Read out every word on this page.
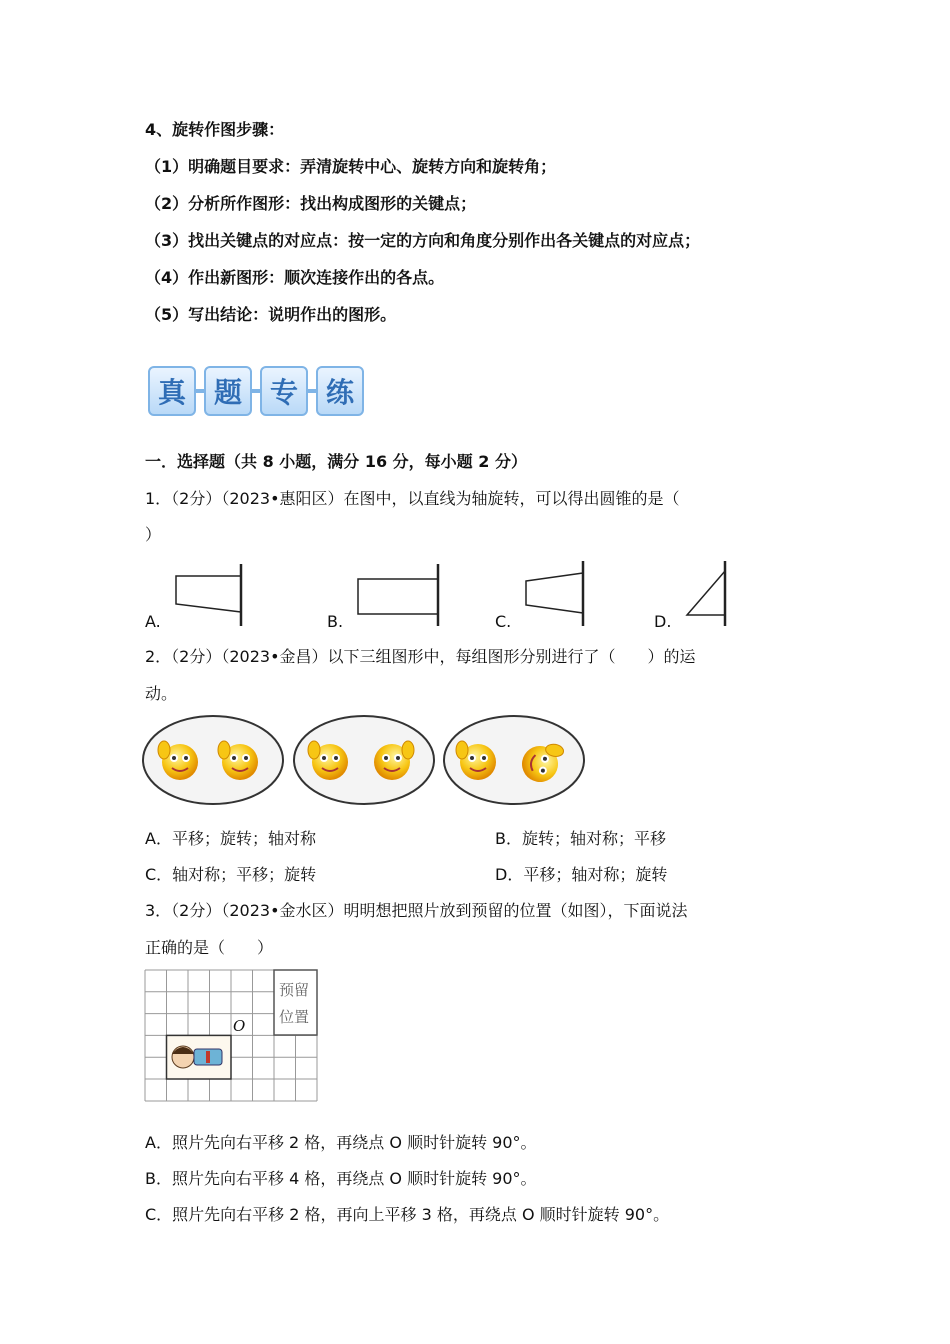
4、旋转作图步骤：
（1）明确题目要求：弄清旋转中心、旋转方向和旋转角；
（2）分析所作图形：找出构成图形的关键点；
（3）找出关键点的对应点：按一定的方向和角度分别作出各关键点的对应点；
（4）作出新图形：顺次连接作出的各点。
（5）写出结论：说明作出的图形。
真 题 专 练
一．选择题（共 8 小题，满分 16 分，每小题 2 分）
1．（2分）（2023•惠阳区）在图中，以直线为轴旋转，可以得出圆锥的是（
）
A.	B.	C.	D.
2．（2分）（2023•金昌）以下三组图形中，每组图形分别进行了（　　）的运
动。
A．平移；旋转；轴对称	B．旋转；轴对称；平移
C．轴对称；平移；旋转	D．平移；轴对称；旋转
3．（2分）（2023•金水区）明明想把照片放到预留的位置（如图），下面说法
正确的是（　　）
预留
位置
O
A．照片先向右平移 2 格，再绕点 O 顺时针旋转 90°。
B．照片先向右平移 4 格，再绕点 O 顺时针旋转 90°。
C．照片先向右平移 2 格，再向上平移 3 格，再绕点 O 顺时针旋转 90°。
